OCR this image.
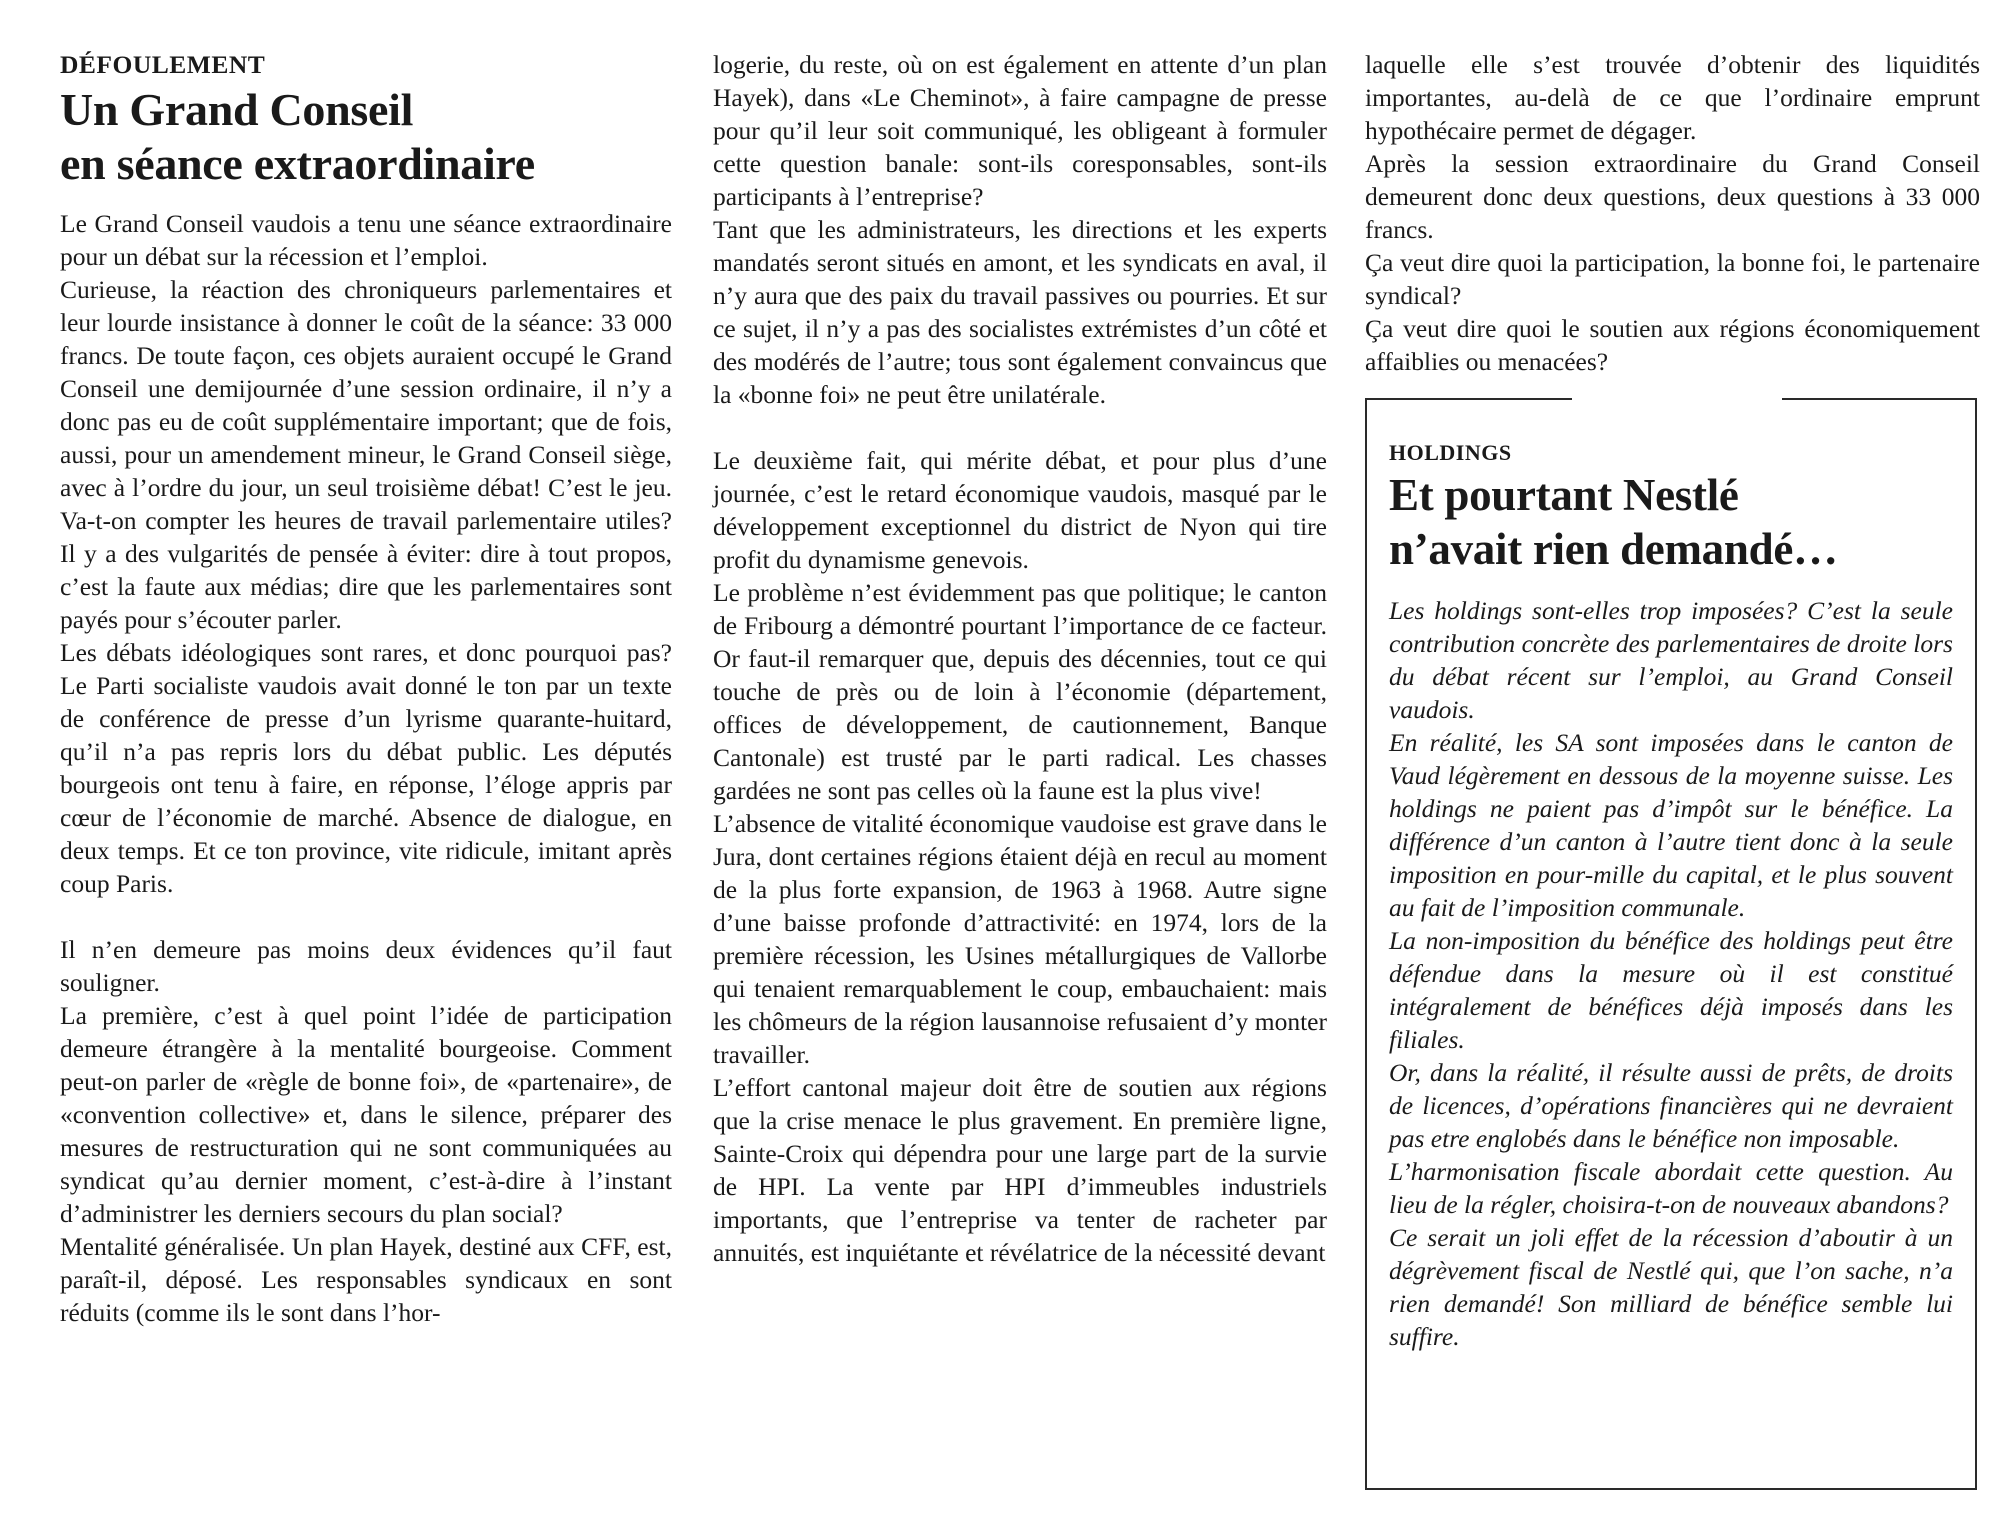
DÉFOULEMENT

Un Grand Conseil
en séance extraordinaire

Le Grand Conseil vaudois a tenu une séance extraordinaire pour un débat sur la récession et l’emploi.

Curieuse, la réaction des chroniqueurs parlementaires et leur lourde insistance à donner le coût de la séance: 33 000 francs. De toute façon, ces objets auraient occupé le Grand Conseil une demijournée d’une session ordinaire, il n’y a donc pas eu de coût supplémentaire important; que de fois, aussi, pour un amendement mineur, le Grand Conseil siège, avec à l’ordre du jour, un seul troisième débat! C’est le jeu. Va-t-on compter les heures de travail parlementaire utiles? Il y a des vulgarités de pensée à éviter: dire à tout propos, c’est la faute aux médias; dire que les parlementaires sont payés pour s’écouter parler.

Les débats idéologiques sont rares, et donc pourquoi pas? Le Parti socialiste vaudois avait donné le ton par un texte de conférence de presse d’un lyrisme quarante-huitard, qu’il n’a pas repris lors du débat public. Les députés bourgeois ont tenu à faire, en réponse, l’éloge appris par cœur de l’économie de marché. Absence de dialogue, en deux temps. Et ce ton province, vite ridicule, imitant après coup Paris.

Il n’en demeure pas moins deux évidences qu’il faut souligner.

La première, c’est à quel point l’idée de participation demeure étrangère à la mentalité bourgeoise. Comment peut-on parler de «règle de bonne foi», de «partenaire», de «convention collective» et, dans le silence, préparer des mesures de restructuration qui ne sont communiquées au syndicat qu’au dernier moment, c’est-à-dire à l’instant d’administrer les derniers secours du plan social?

Mentalité généralisée. Un plan Hayek, destiné aux CFF, est, paraît-il, déposé. Les responsables syndicaux en sont réduits (comme ils le sont dans l’hor-

logerie, du reste, où on est également en attente d’un plan Hayek), dans «Le Cheminot», à faire campagne de presse pour qu’il leur soit communiqué, les obligeant à formuler cette question banale: sont-ils coresponsables, sont-ils participants à l’entreprise?

Tant que les administrateurs, les directions et les experts mandatés seront situés en amont, et les syndicats en aval, il n’y aura que des paix du travail passives ou pourries. Et sur ce sujet, il n’y a pas des socialistes extrémistes d’un côté et des modérés de l’autre; tous sont également convaincus que la «bonne foi» ne peut être unilatérale.

Le deuxième fait, qui mérite débat, et pour plus d’une journée, c’est le retard économique vaudois, masqué par le développement exceptionnel du district de Nyon qui tire profit du dynamisme genevois.

Le problème n’est évidemment pas que politique; le canton de Fribourg a démontré pourtant l’importance de ce facteur. Or faut-il remarquer que, depuis des décennies, tout ce qui touche de près ou de loin à l’économie (département, offices de développement, de cautionnement, Banque Cantonale) est trusté par le parti radical. Les chasses gardées ne sont pas celles où la faune est la plus vive!

L’absence de vitalité économique vaudoise est grave dans le Jura, dont certaines régions étaient déjà en recul au moment de la plus forte expansion, de 1963 à 1968. Autre signe d’une baisse profonde d’attractivité: en 1974, lors de la première récession, les Usines métallurgiques de Vallorbe qui tenaient remarquablement le coup, embauchaient: mais les chômeurs de la région lausannoise refusaient d’y monter travailler.

L’effort cantonal majeur doit être de soutien aux régions que la crise menace le plus gravement. En première ligne, Sainte-Croix qui dépendra pour une large part de la survie de HPI. La vente par HPI d’immeubles industriels importants, que l’entreprise va tenter de racheter par annuités, est inquiétante et révélatrice de la nécessité devant

laquelle elle s’est trouvée d’obtenir des liquidités importantes, au-delà de ce que l’ordinaire emprunt hypothécaire permet de dégager.

Après la session extraordinaire du Grand Conseil demeurent donc deux questions, deux questions à 33 000 francs.

Ça veut dire quoi la participation, la bonne foi, le partenaire syndical?

Ça veut dire quoi le soutien aux régions économiquement affaiblies ou menacées?

HOLDINGS

Et pourtant Nestlé
n’avait rien demandé…

Les holdings sont-elles trop imposées? C’est la seule contribution concrète des parlementaires de droite lors du débat récent sur l’emploi, au Grand Conseil vaudois.

En réalité, les SA sont imposées dans le canton de Vaud légèrement en dessous de la moyenne suisse. Les holdings ne paient pas d’impôt sur le bénéfice. La différence d’un canton à l’autre tient donc à la seule imposition en pour-mille du capital, et le plus souvent au fait de l’imposition communale.

La non-imposition du bénéfice des holdings peut être défendue dans la mesure où il est constitué intégralement de bénéfices déjà imposés dans les filiales.

Or, dans la réalité, il résulte aussi de prêts, de droits de licences, d’opérations financières qui ne devraient pas etre englobés dans le bénéfice non imposable.

L’harmonisation fiscale abordait cette question. Au lieu de la régler, choisira-t-on de nouveaux abandons?

Ce serait un joli effet de la récession d’aboutir à un dégrèvement fiscal de Nestlé qui, que l’on sache, n’a rien demandé! Son milliard de bénéfice semble lui suffire.
